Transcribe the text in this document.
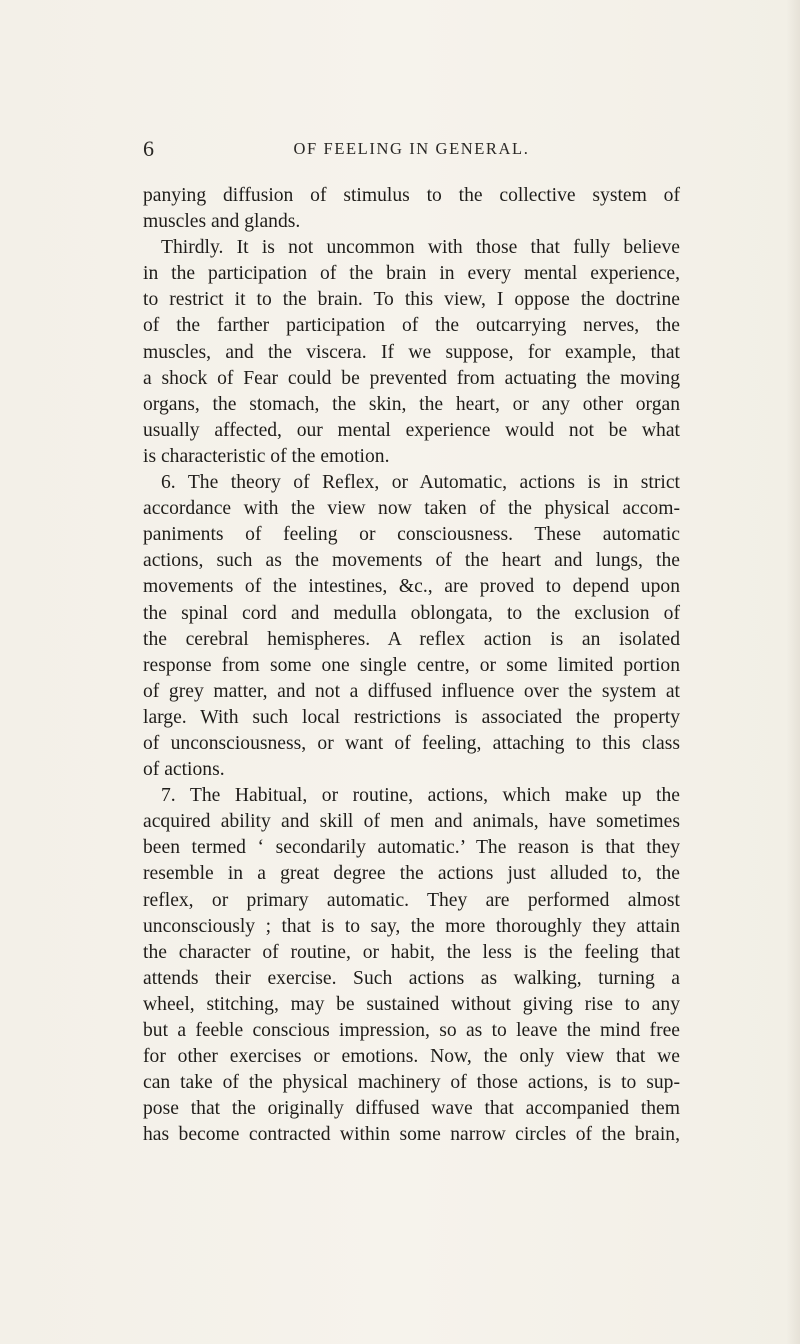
6	OF FEELING IN GENERAL.
panying diffusion of stimulus to the collective system of
muscles and glands.
Thirdly. It is not uncommon with those that fully believe
in the participation of the brain in every mental experience,
to restrict it to the brain. To this view, I oppose the doctrine
of the farther participation of the outcarrying nerves, the
muscles, and the viscera. If we suppose, for example, that
a shock of Fear could be prevented from actuating the moving
organs, the stomach, the skin, the heart, or any other organ
usually affected, our mental experience would not be what
is characteristic of the emotion.
6. The theory of Reflex, or Automatic, actions is in strict
accordance with the view now taken of the physical accom-
paniments of feeling or consciousness. These automatic
actions, such as the movements of the heart and lungs, the
movements of the intestines, &c., are proved to depend upon
the spinal cord and medulla oblongata, to the exclusion of
the cerebral hemispheres. A reflex action is an isolated
response from some one single centre, or some limited portion
of grey matter, and not a diffused influence over the system at
large. With such local restrictions is associated the property
of unconsciousness, or want of feeling, attaching to this class
of actions.
7. The Habitual, or routine, actions, which make up the
acquired ability and skill of men and animals, have sometimes
been termed ‘ secondarily automatic.’ The reason is that they
resemble in a great degree the actions just alluded to, the
reflex, or primary automatic. They are performed almost
unconsciously ; that is to say, the more thoroughly they attain
the character of routine, or habit, the less is the feeling that
attends their exercise. Such actions as walking, turning a
wheel, stitching, may be sustained without giving rise to any
but a feeble conscious impression, so as to leave the mind free
for other exercises or emotions. Now, the only view that we
can take of the physical machinery of those actions, is to sup-
pose that the originally diffused wave that accompanied them
has become contracted within some narrow circles of the brain,
